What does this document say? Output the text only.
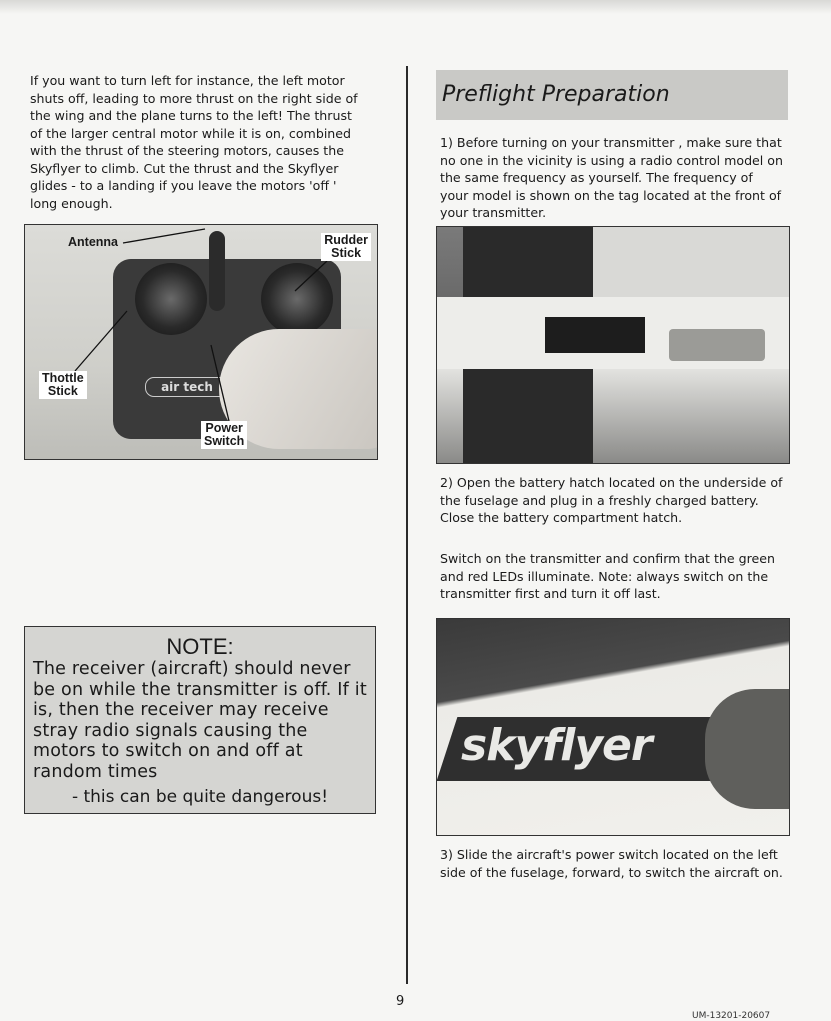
If you want to turn left for instance, the left motor shuts off, leading to more thrust on the right side of the wing and the plane turns to the left! The thrust of the larger central motor while it is on, combined with the thrust of the steering motors, causes the Skyflyer to climb. Cut the thrust and the Skyflyer glides - to a landing if you leave the motors 'off ' long enough.

air tech
Antenna	Rudder
Stick
Thottle
Stick
Power
Switch
NOTE:
The receiver (aircraft) should never be on while the transmitter is off. If it is, then the receiver may receive stray radio signals causing the motors to switch on and off at random times
- this can be quite dangerous!
Preflight Preparation

1) Before turning on your transmitter , make sure that no one in the vicinity is using a radio control model on the same frequency as yourself. The frequency of your model is shown on the tag located at the front of your transmitter.

2) Open the battery hatch located on the underside of the fuselage and plug in a freshly charged battery. Close the battery compartment hatch.

Switch on the transmitter and confirm that the green and red LEDs illuminate. Note: always switch on the transmitter first and turn it off last.

skyflyer

3) Slide the aircraft's power switch located on the left side of the fuselage, forward, to switch the aircraft on.

9
UM-13201-20607
